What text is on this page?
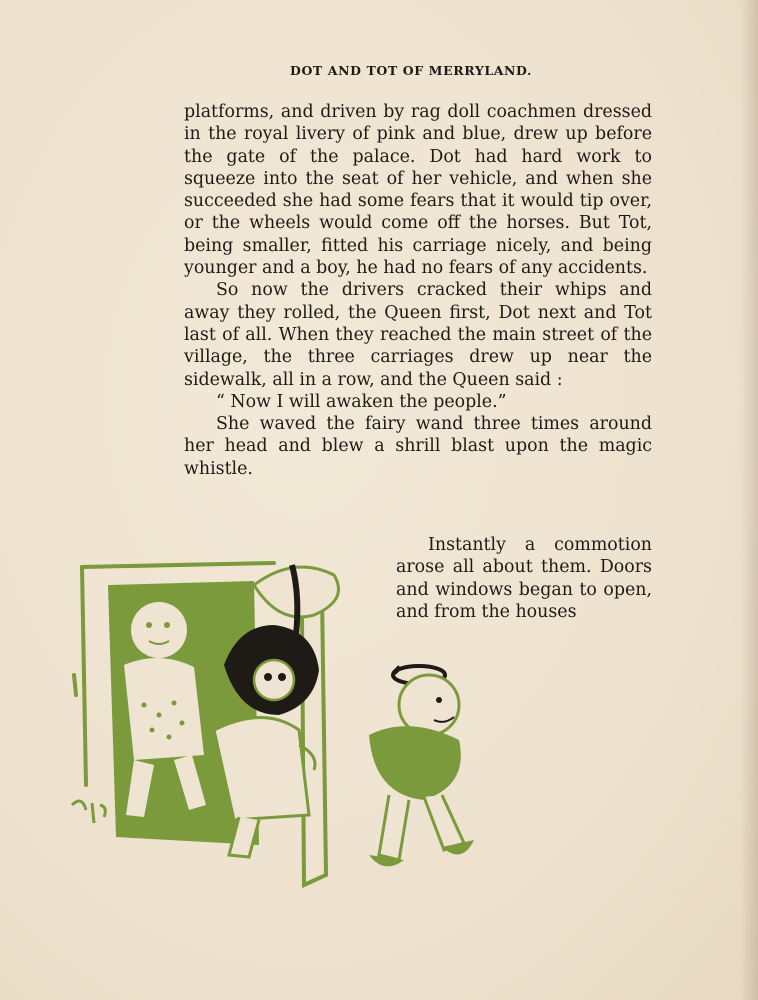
DOT AND TOT OF MERRYLAND.

platforms, and driven by rag doll coachmen dressed in the royal livery of pink and blue, drew up before the gate of the palace. Dot had hard work to squeeze into the seat of her vehicle, and when she succeeded she had some fears that it would tip over, or the wheels would come off the horses. But Tot, being smaller, fitted his carriage nicely, and being younger and a boy, he had no fears of any accidents.

So now the drivers cracked their whips and away they rolled, the Queen first, Dot next and Tot last of all. When they reached the main street of the village, the three carriages drew up near the sidewalk, all in a row, and the Queen said :

“ Now I will awaken the people.”

She waved the fairy wand three times around her head and blew a shrill blast upon the magic whistle.

Instantly a commotion arose all about them. Doors and windows began to open, and from the houses
